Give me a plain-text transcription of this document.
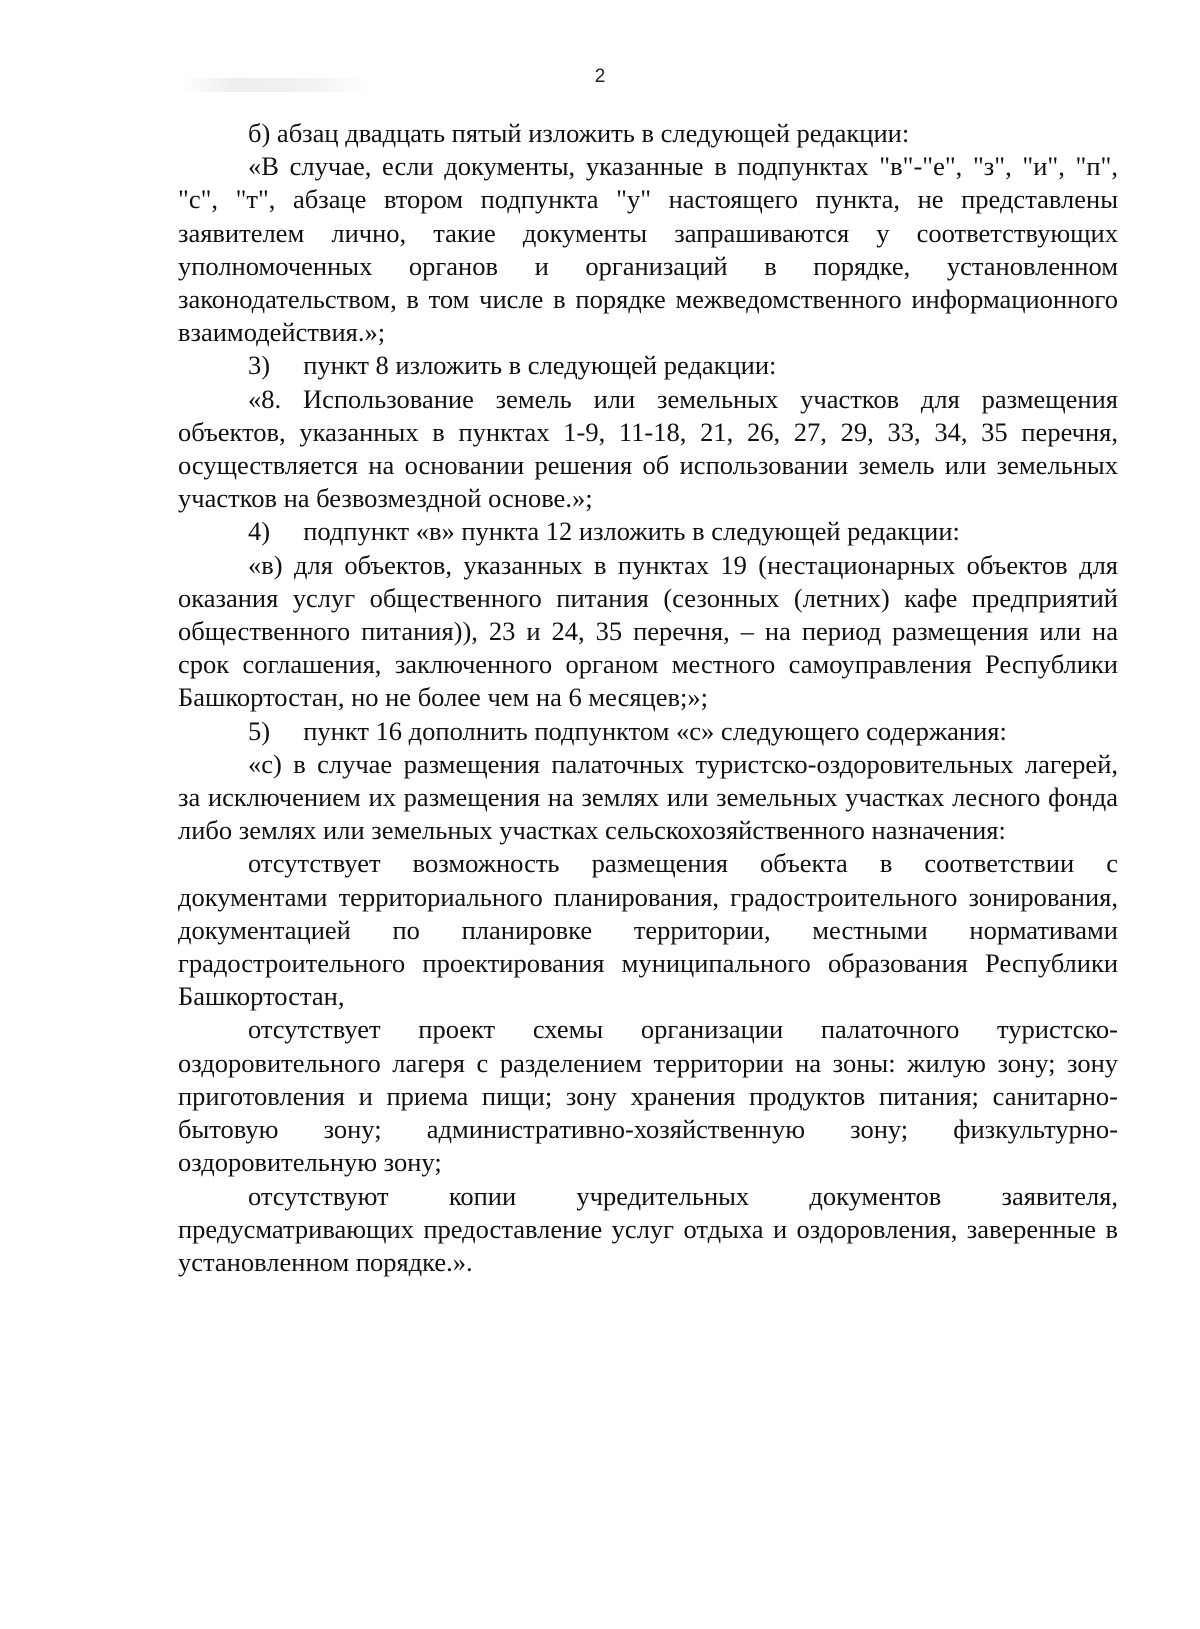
2

б) абзац двадцать пятый изложить в следующей редакции:

«В случае, если документы, указанные в подпунктах "в"-"е", "з", "и", "п", "с", "т", абзаце втором подпункта "у" настоящего пункта, не представлены заявителем лично, такие документы запрашиваются у соответствующих уполномоченных органов и организаций в порядке, установленном законодательством, в том числе в порядке межведомственного информационного взаимодействия.»;

3)     пункт 8 изложить в следующей редакции:

«8. Использование земель или земельных участков для размещения объектов, указанных в пунктах 1-9, 11-18, 21, 26, 27, 29, 33, 34, 35 перечня, осуществляется на основании решения об использовании земель или земельных участков на безвозмездной основе.»;

4)     подпункт «в» пункта 12 изложить в следующей редакции:

«в) для объектов, указанных в пунктах 19 (нестационарных объектов для оказания услуг общественного питания (сезонных (летних) кафе предприятий общественного питания)), 23 и 24, 35 перечня, – на период размещения или на срок соглашения, заключенного органом местного самоуправления Республики Башкортостан, но не более чем на 6 месяцев;»;

5)     пункт 16 дополнить подпунктом «с» следующего содержания:

«с) в случае размещения палаточных туристско-оздоровительных лагерей, за исключением их размещения на землях или земельных участках лесного фонда либо землях или земельных участках сельскохозяйственного назначения:

отсутствует возможность размещения объекта в соответствии с документами территориального планирования, градостроительного зонирования, документацией по планировке территории, местными нормативами градостроительного проектирования муниципального образования Республики Башкортостан,

отсутствует проект схемы организации палаточного туристско-оздоровительного лагеря с разделением территории на зоны: жилую зону; зону приготовления и приема пищи; зону хранения продуктов питания; санитарно-бытовую зону; административно-хозяйственную зону; физкультурно-оздоровительную зону;

отсутствуют копии учредительных документов заявителя, предусматривающих предоставление услуг отдыха и оздоровления, заверенные в установленном порядке.».
